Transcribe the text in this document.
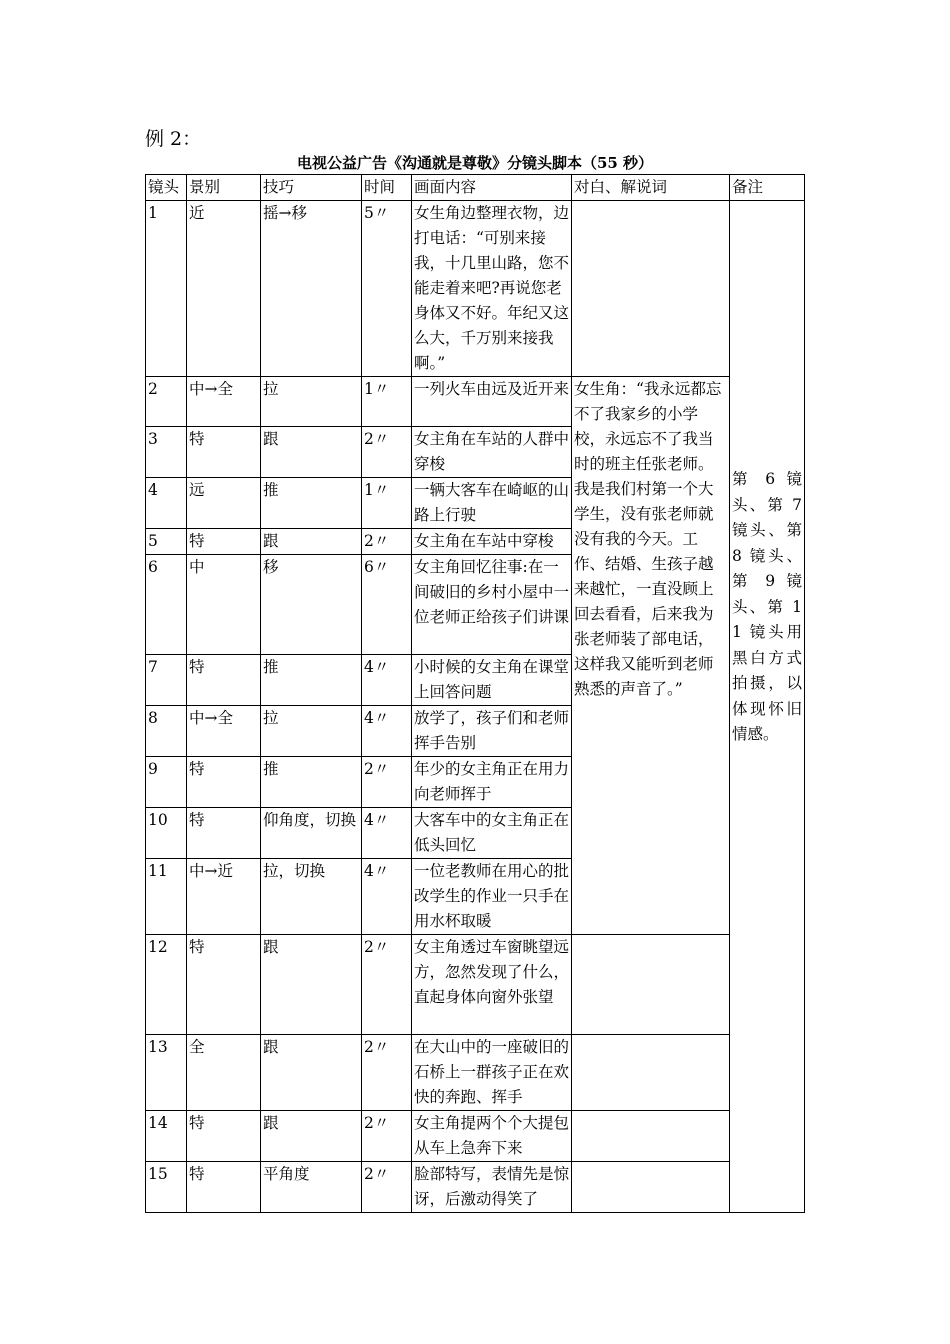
例 2：
电视公益广告《沟通就是尊敬》分镜头脚本（55 秒）
镜头	景别	技巧	时间	画面内容	对白、解说词	备注
1	近	摇→移	5〃	女生角边整理衣物，边打电话：“可别来接我，十几里山路，您不能走着来吧?再说您老身体又不好。年纪又这么大，千万别来接我啊。”		第 6 镜头、第 7 镜头、第 8 镜头、第 9 镜头、第 1 1 镜头用黑白方式拍摄，以体现怀旧情感。
2	中→全	拉	1〃	一列火车由远及近开来	女生角：“我永远都忘不了我家乡的小学校，永远忘不了我当时的班主任张老师。我是我们村第一个大学生，没有张老师就没有我的今天。工作、结婚、生孩子越来越忙，一直没顾上回去看看，后来我为张老师装了部电话，这样我又能听到老师熟悉的声音了。”	
3	特	跟	2〃	女主角在车站的人群中穿梭		
4	远	推	1〃	一辆大客车在崎岖的山路上行驶		
5	特	跟	2〃	女主角在车站中穿梭		
6	中	移	6〃	女主角回忆往事:在一间破旧的乡村小屋中一位老师正给孩子们讲课		
7	特	推	4〃	小时候的女主角在课堂上回答问题		
8	中→全	拉	4〃	放学了，孩子们和老师挥手告别		
9	特	推	2〃	年少的女主角正在用力向老师挥于		
10	特	仰角度，切换	4〃	大客车中的女主角正在低头回忆		
11	中→近	拉，切换	4〃	一位老教师在用心的批改学生的作业一只手在用水杯取暖		
12	特	跟	2〃	女主角透过车窗眺望远方，忽然发现了什么，直起身体向窗外张望		
13	全	跟	2〃	在大山中的一座破旧的石桥上一群孩子正在欢快的奔跑、挥手		
14	特	跟	2〃	女主角提两个个大提包从车上急奔下来		
15	特	平角度	2〃	脸部特写，表情先是惊讶，后激动得笑了		
